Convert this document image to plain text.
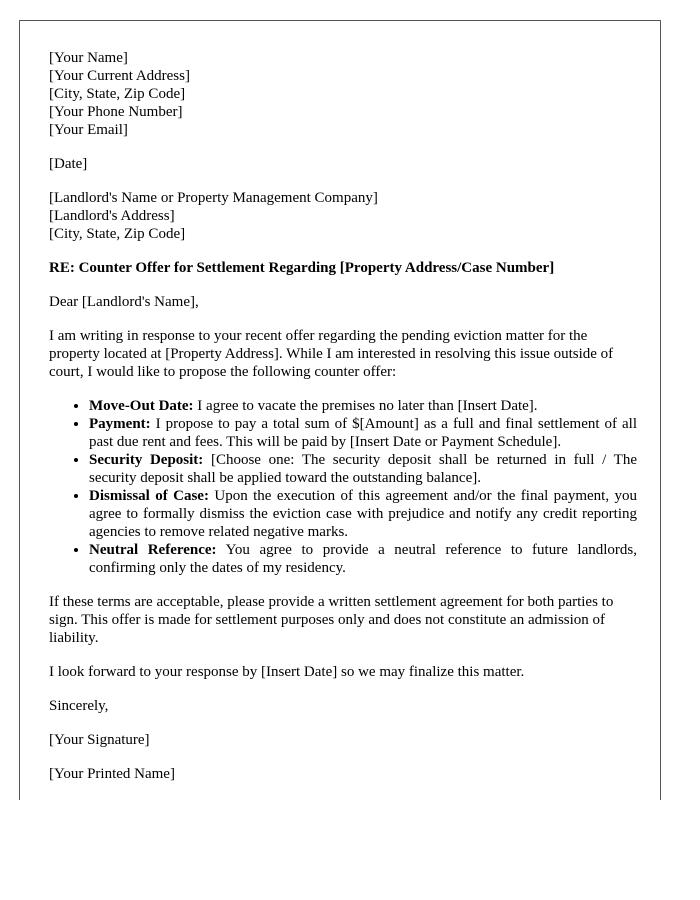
[Your Name]
[Your Current Address]
[City, State, Zip Code]
[Your Phone Number]
[Your Email]
[Date]
[Landlord's Name or Property Management Company]
[Landlord's Address]
[City, State, Zip Code]
RE: Counter Offer for Settlement Regarding [Property Address/Case Number]

Dear [Landlord's Name],

I am writing in response to your recent offer regarding the pending eviction matter for the property located at [Property Address]. While I am interested in resolving this issue outside of court, I would like to propose the following counter offer:

• Move-Out Date: I agree to vacate the premises no later than [Insert Date].
• Payment: I propose to pay a total sum of $[Amount] as a full and final settlement of all past due rent and fees. This will be paid by [Insert Date or Payment Schedule].
• Security Deposit: [Choose one: The security deposit shall be returned in full / The security deposit shall be applied toward the outstanding balance].
• Dismissal of Case: Upon the execution of this agreement and/or the final payment, you agree to formally dismiss the eviction case with prejudice and notify any credit reporting agencies to remove related negative marks.
• Neutral Reference: You agree to provide a neutral reference to future landlords, confirming only the dates of my residency.

If these terms are acceptable, please provide a written settlement agreement for both parties to sign. This offer is made for settlement purposes only and does not constitute an admission of liability.

I look forward to your response by [Insert Date] so we may finalize this matter.

Sincerely,

[Your Signature]

[Your Printed Name]
